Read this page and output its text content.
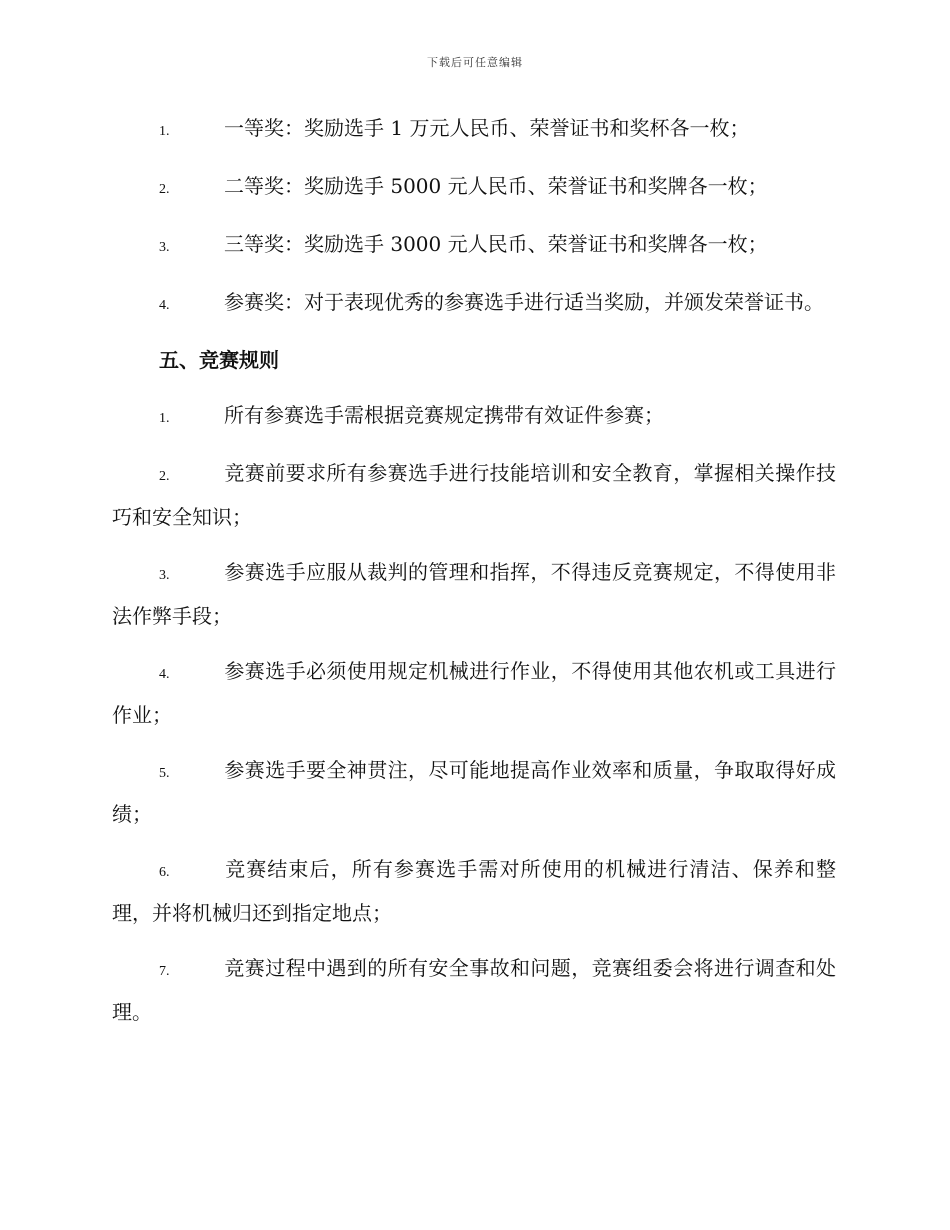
下载后可任意编辑
1.	一等奖：奖励选手 1 万元人民币、荣誉证书和奖杯各一枚；
2.	二等奖：奖励选手 5000 元人民币、荣誉证书和奖牌各一枚；
3.	三等奖：奖励选手 3000 元人民币、荣誉证书和奖牌各一枚；
4.	参赛奖：对于表现优秀的参赛选手进行适当奖励，并颁发荣誉证书。
五、竞赛规则
1.	所有参赛选手需根据竞赛规定携带有效证件参赛；
2.	竞赛前要求所有参赛选手进行技能培训和安全教育，掌握相关操作技巧和安全知识；
3.	参赛选手应服从裁判的管理和指挥，不得违反竞赛规定，不得使用非法作弊手段；
4.	参赛选手必须使用规定机械进行作业，不得使用其他农机或工具进行作业；
5.	参赛选手要全神贯注，尽可能地提高作业效率和质量，争取取得好成绩；
6.	竞赛结束后，所有参赛选手需对所使用的机械进行清洁、保养和整理，并将机械归还到指定地点；
7.	竞赛过程中遇到的所有安全事故和问题，竞赛组委会将进行调查和处理。
